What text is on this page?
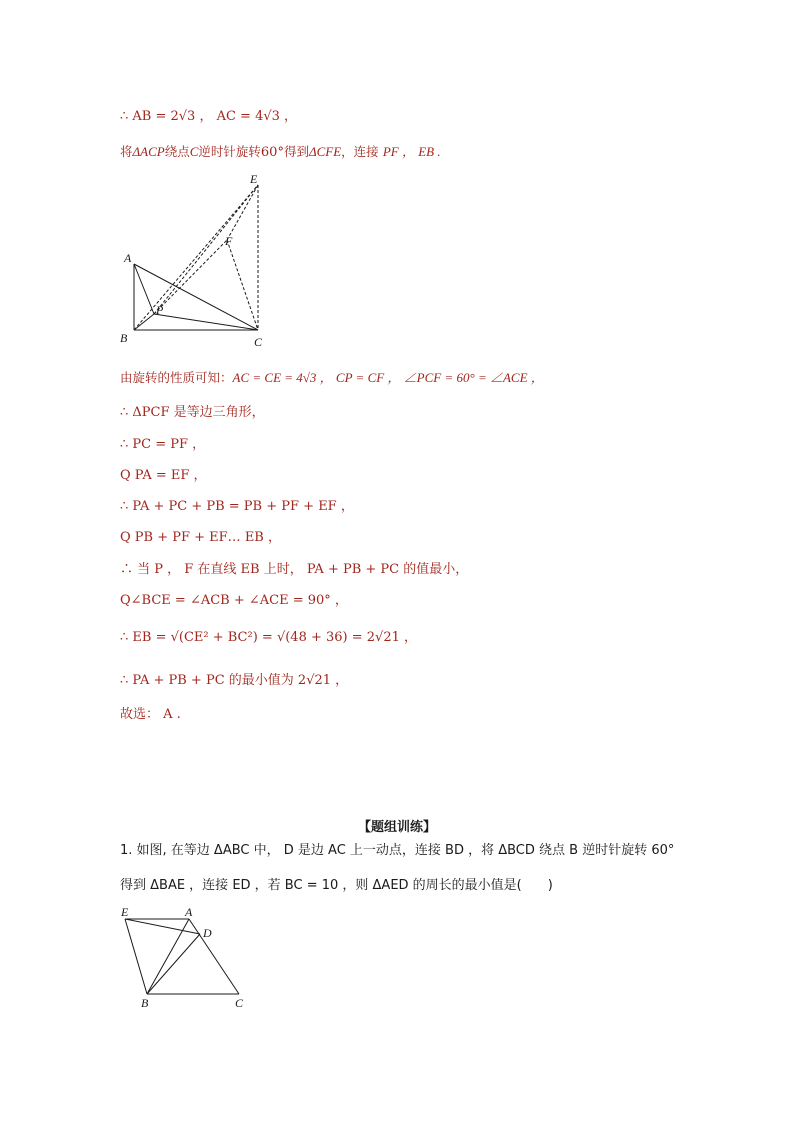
∴ AB = 2√3 ， AC = 4√3 ，
将ΔACP绕点C逆时针旋转60°得到ΔCFE，连接 PF ， EB .
A
B	C
P
F
E
由旋转的性质可知：AC = CE = 4√3 ， CP = CF ， ∠PCF = 60° = ∠ACE ，
∴ ΔPCF 是等边三角形，
∴ PC = PF ，
Q PA = EF ，
∴ PA + PC + PB = PB + PF + EF ，
Q PB + PF + EF… EB ，
∴ 当 P ， F 在直线 EB 上时， PA + PB + PC 的值最小，
Q∠BCE = ∠ACB + ∠ACE = 90° ，
∴ EB = √(CE² + BC²) = √(48 + 36) = 2√21 ，
∴ PA + PB + PC 的最小值为 2√21 ，
故选： A .
【题组训练】
1. 如图, 在等边 ΔABC 中， D 是边 AC 上一动点，连接 BD ，将 ΔBCD 绕点 B 逆时针旋转 60°
得到 ΔBAE ，连接 ED ，若 BC = 10 ，则 ΔAED 的周长的最小值是(　　)
E	A
D
B	C
